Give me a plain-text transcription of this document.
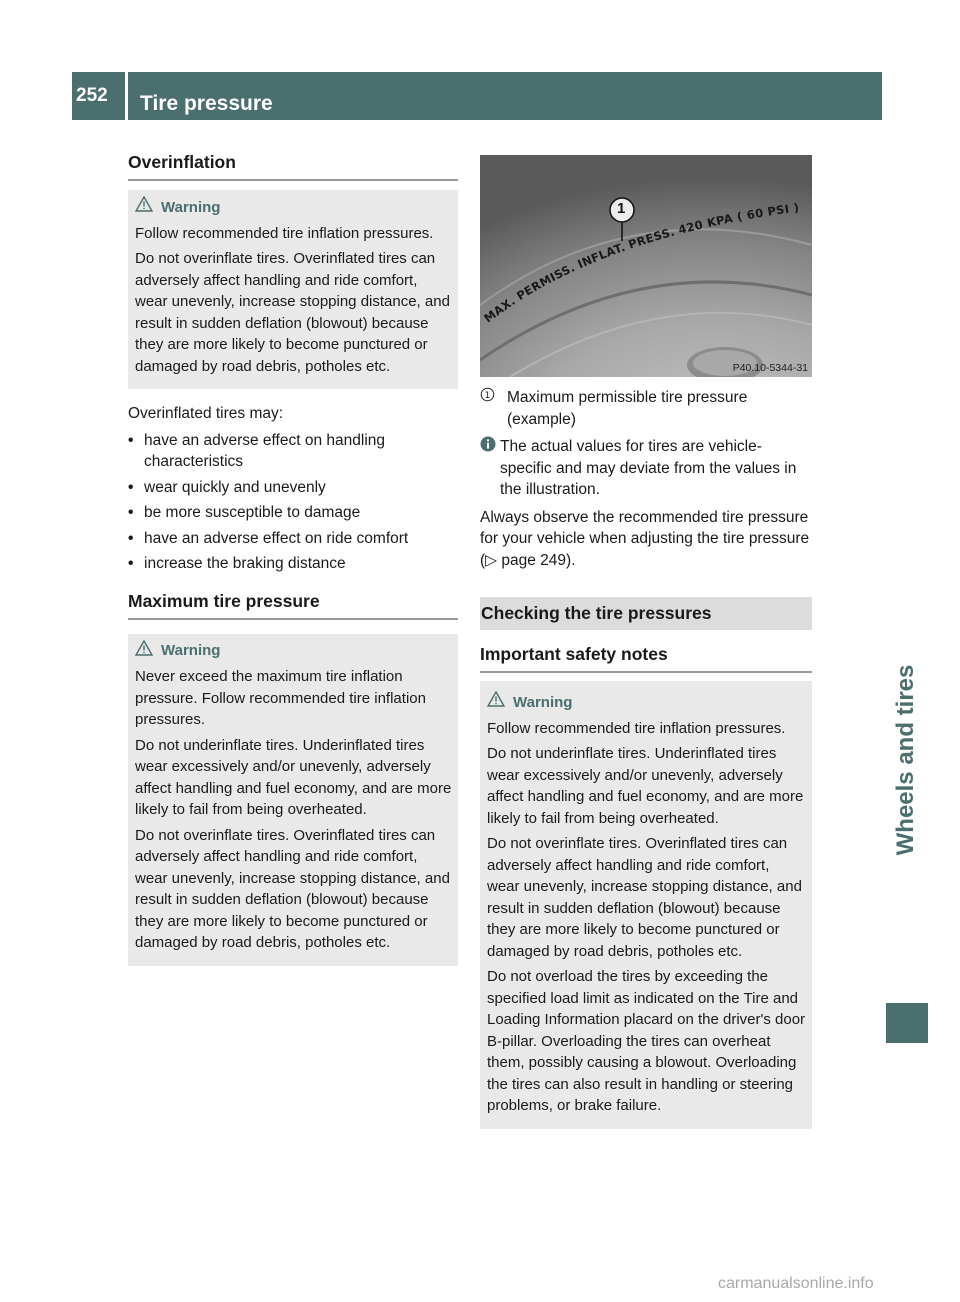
252	Tire pressure
Wheels and tires
Overinflation
Warning

Follow recommended tire inflation pressures.

Do not overinflate tires. Overinflated tires can adversely affect handling and ride comfort, wear unevenly, increase stopping distance, and result in sudden deflation (blowout) because they are more likely to become punctured or damaged by road debris, potholes etc.

Overinflated tires may:

• have an adverse effect on handling characteristics
• wear quickly and unevenly
• be more susceptible to damage
• have an adverse effect on ride comfort
• increase the braking distance
Maximum tire pressure
Warning

Never exceed the maximum tire inflation pressure. Follow recommended tire inflation pressures.

Do not underinflate tires. Underinflated tires wear excessively and/or unevenly, adversely affect handling and fuel economy, and are more likely to fail from being overheated.

Do not overinflate tires. Overinflated tires can adversely affect handling and ride comfort, wear unevenly, increase stopping distance, and result in sudden deflation (blowout) because they are more likely to become punctured or damaged by road debris, potholes etc.

MAX. PERMISS. INFLAT. PRESS. 420 KPA ( 60 PSI )
1
P40.10-5344-31
1 Maximum permissible tire pressure (example)
The actual values for tires are vehicle-specific and may deviate from the values in the illustration.

Always observe the recommended tire pressure for your vehicle when adjusting the tire pressure (▷ page 249).

Checking the tire pressures
Important safety notes
Warning

Follow recommended tire inflation pressures.

Do not underinflate tires. Underinflated tires wear excessively and/or unevenly, adversely affect handling and fuel economy, and are more likely to fail from being overheated.

Do not overinflate tires. Overinflated tires can adversely affect handling and ride comfort, wear unevenly, increase stopping distance, and result in sudden deflation (blowout) because they are more likely to become punctured or damaged by road debris, potholes etc.

Do not overload the tires by exceeding the specified load limit as indicated on the Tire and Loading Information placard on the driver's door B-pillar. Overloading the tires can overheat them, possibly causing a blowout. Overloading the tires can also result in handling or steering problems, or brake failure.

carmanualsonline.info
